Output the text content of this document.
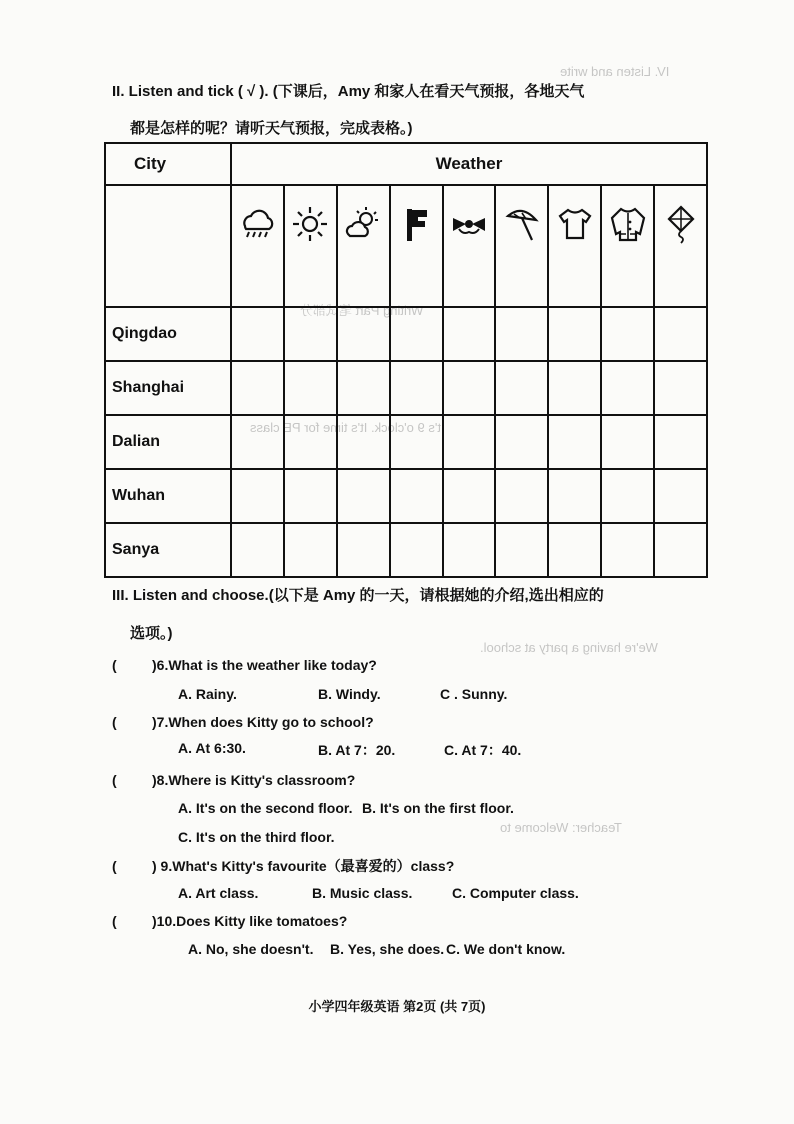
IV. Listen and write
Writing Part 笔试部分
It's 9 o'clock. It's time for PE class
We're having a party at school.
Teacher: Welcome to
II. Listen and tick ( √ ). (下课后，Amy 和家人在看天气预报，各地天气
都是怎样的呢？请听天气预报，完成表格。)
City	Weather								

Qingdao									
Shanghai									
Dalian									
Wuhan									
Sanya									
III. Listen and choose.(以下是 Amy 的一天，请根据她的介绍,选出相应的
选项。)
(	)6.What is the weather like today?
A. Rainy.	B. Windy.	C . Sunny.
(	)7.When does Kitty go to school?
A. At 6:30.	B. At 7：20.	C. At 7：40.
(	)8.Where is Kitty's classroom?
A. It's on the second floor. B. It's on the first floor.
C. It's on the third floor.
(	) 9.What's Kitty's favourite（最喜爱的）class?
A. Art class.	B. Music class.	C. Computer class.
(	)10.Does Kitty like tomatoes?
A. No, she doesn't. B. Yes, she does. C. We don't know.
小学四年级英语 第2页 (共 7页)
